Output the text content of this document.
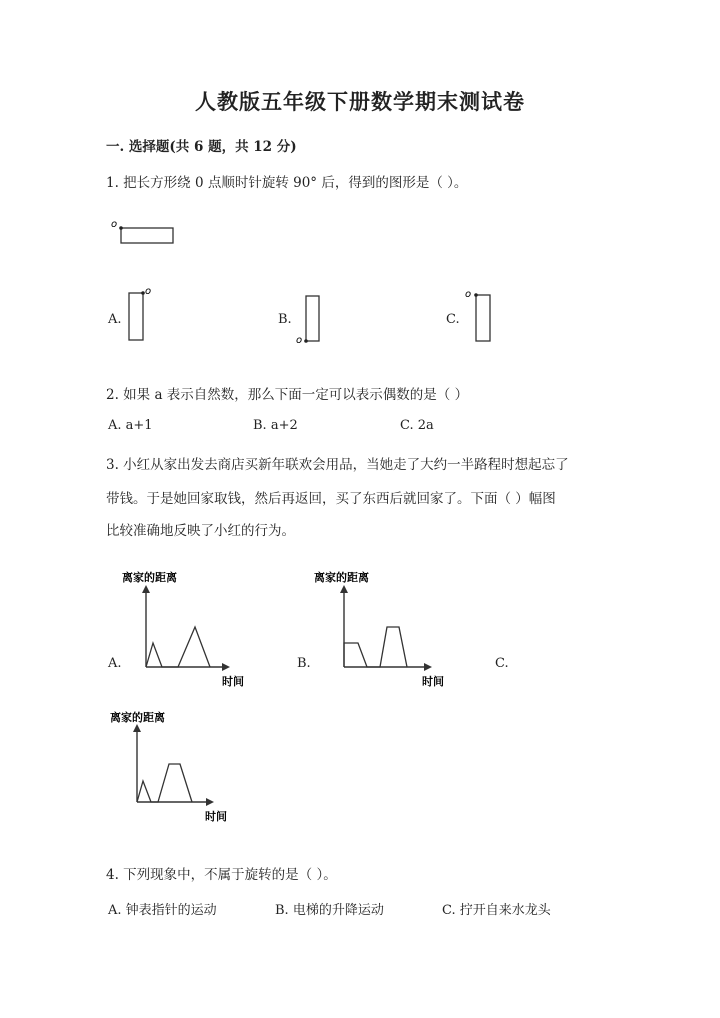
人教版五年级下册数学期末测试卷
一. 选择题(共 6 题，共 12 分)
1. 把长方形绕 0 点顺时针旋转 90° 后，得到的图形是（ ）。
o
A.
o
B.
o
C.
o
2. 如果 a 表示自然数，那么下面一定可以表示偶数的是（ ）
A. a+1	B. a+2	C. 2a
3. 小红从家出发去商店买新年联欢会用品，当她走了大约一半路程时想起忘了
带钱。于是她回家取钱，然后再返回，买了东西后就回家了。下面（ ）幅图
比较准确地反映了小红的行为。
A.
离家的距离
时间
B.
离家的距离
时间
C.
离家的距离
时间
4. 下列现象中，不属于旋转的是（ ）。
A. 钟表指针的运动	B. 电梯的升降运动	C. 拧开自来水龙头
